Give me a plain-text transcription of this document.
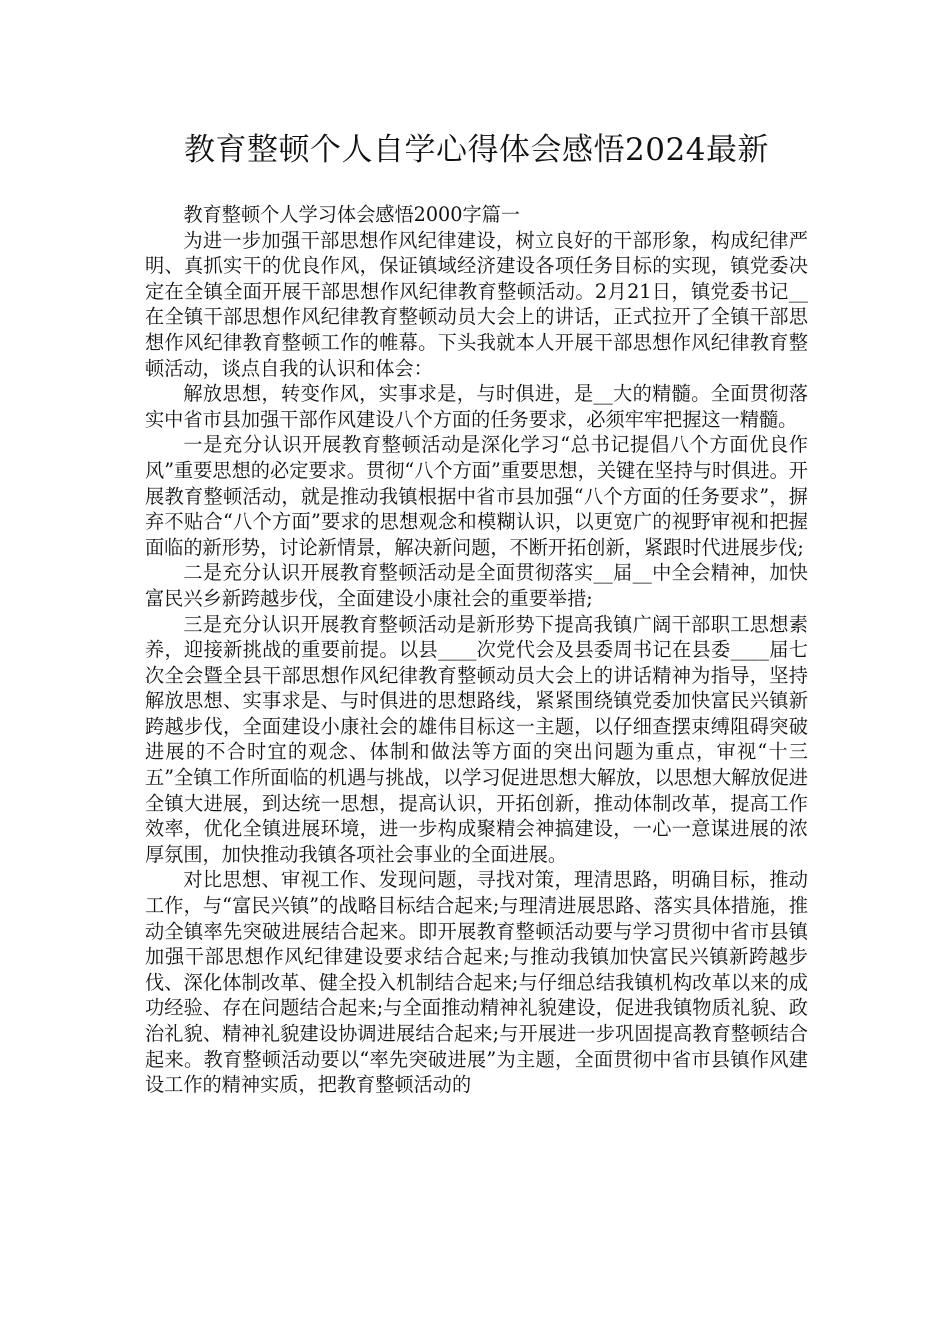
教育整顿个人自学心得体会感悟2024最新

教育整顿个人学习体会感悟2000字篇一

为进一步加强干部思想作风纪律建设，树立良好的干部形象，构成纪律严明、真抓实干的优良作风，保证镇域经济建设各项任务目标的实现，镇党委决定在全镇全面开展干部思想作风纪律教育整顿活动。2月21日，镇党委书记__在全镇干部思想作风纪律教育整顿动员大会上的讲话，正式拉开了全镇干部思想作风纪律教育整顿工作的帷幕。下头我就本人开展干部思想作风纪律教育整顿活动，谈点自我的认识和体会：

解放思想，转变作风，实事求是，与时俱进，是__大的精髓。全面贯彻落实中省市县加强干部作风建设八个方面的任务要求，必须牢牢把握这一精髓。

一是充分认识开展教育整顿活动是深化学习“总书记提倡八个方面优良作风”重要思想的必定要求。贯彻“八个方面”重要思想，关键在坚持与时俱进。开展教育整顿活动，就是推动我镇根据中省市县加强“八个方面的任务要求”，摒弃不贴合“八个方面”要求的思想观念和模糊认识，以更宽广的视野审视和把握面临的新形势，讨论新情景，解决新问题，不断开拓创新，紧跟时代进展步伐;

二是充分认识开展教育整顿活动是全面贯彻落实__届__中全会精神，加快富民兴乡新跨越步伐，全面建设小康社会的重要举措;

三是充分认识开展教育整顿活动是新形势下提高我镇广阔干部职工思想素养，迎接新挑战的重要前提。以县____次党代会及县委周书记在县委____届七次全会暨全县干部思想作风纪律教育整顿动员大会上的讲话精神为指导，坚持解放思想、实事求是、与时俱进的思想路线，紧紧围绕镇党委加快富民兴镇新跨越步伐，全面建设小康社会的雄伟目标这一主题，以仔细查摆束缚阻碍突破进展的不合时宜的观念、体制和做法等方面的突出问题为重点，审视“十三五”全镇工作所面临的机遇与挑战，以学习促进思想大解放，以思想大解放促进全镇大进展，到达统一思想，提高认识，开拓创新，推动体制改革，提高工作效率，优化全镇进展环境，进一步构成聚精会神搞建设，一心一意谋进展的浓厚氛围，加快推动我镇各项社会事业的全面进展。

对比思想、审视工作、发现问题，寻找对策，理清思路，明确目标，推动工作，与“富民兴镇”的战略目标结合起来;与理清进展思路、落实具体措施，推动全镇率先突破进展结合起来。即开展教育整顿活动要与学习贯彻中省市县镇加强干部思想作风纪律建设要求结合起来;与推动我镇加快富民兴镇新跨越步伐、深化体制改革、健全投入机制结合起来;与仔细总结我镇机构改革以来的成功经验、存在问题结合起来;与全面推动精神礼貌建设，促进我镇物质礼貌、政治礼貌、精神礼貌建设协调进展结合起来;与开展进一步巩固提高教育整顿结合起来。教育整顿活动要以“率先突破进展”为主题，全面贯彻中省市县镇作风建设工作的精神实质，把教育整顿活动的
